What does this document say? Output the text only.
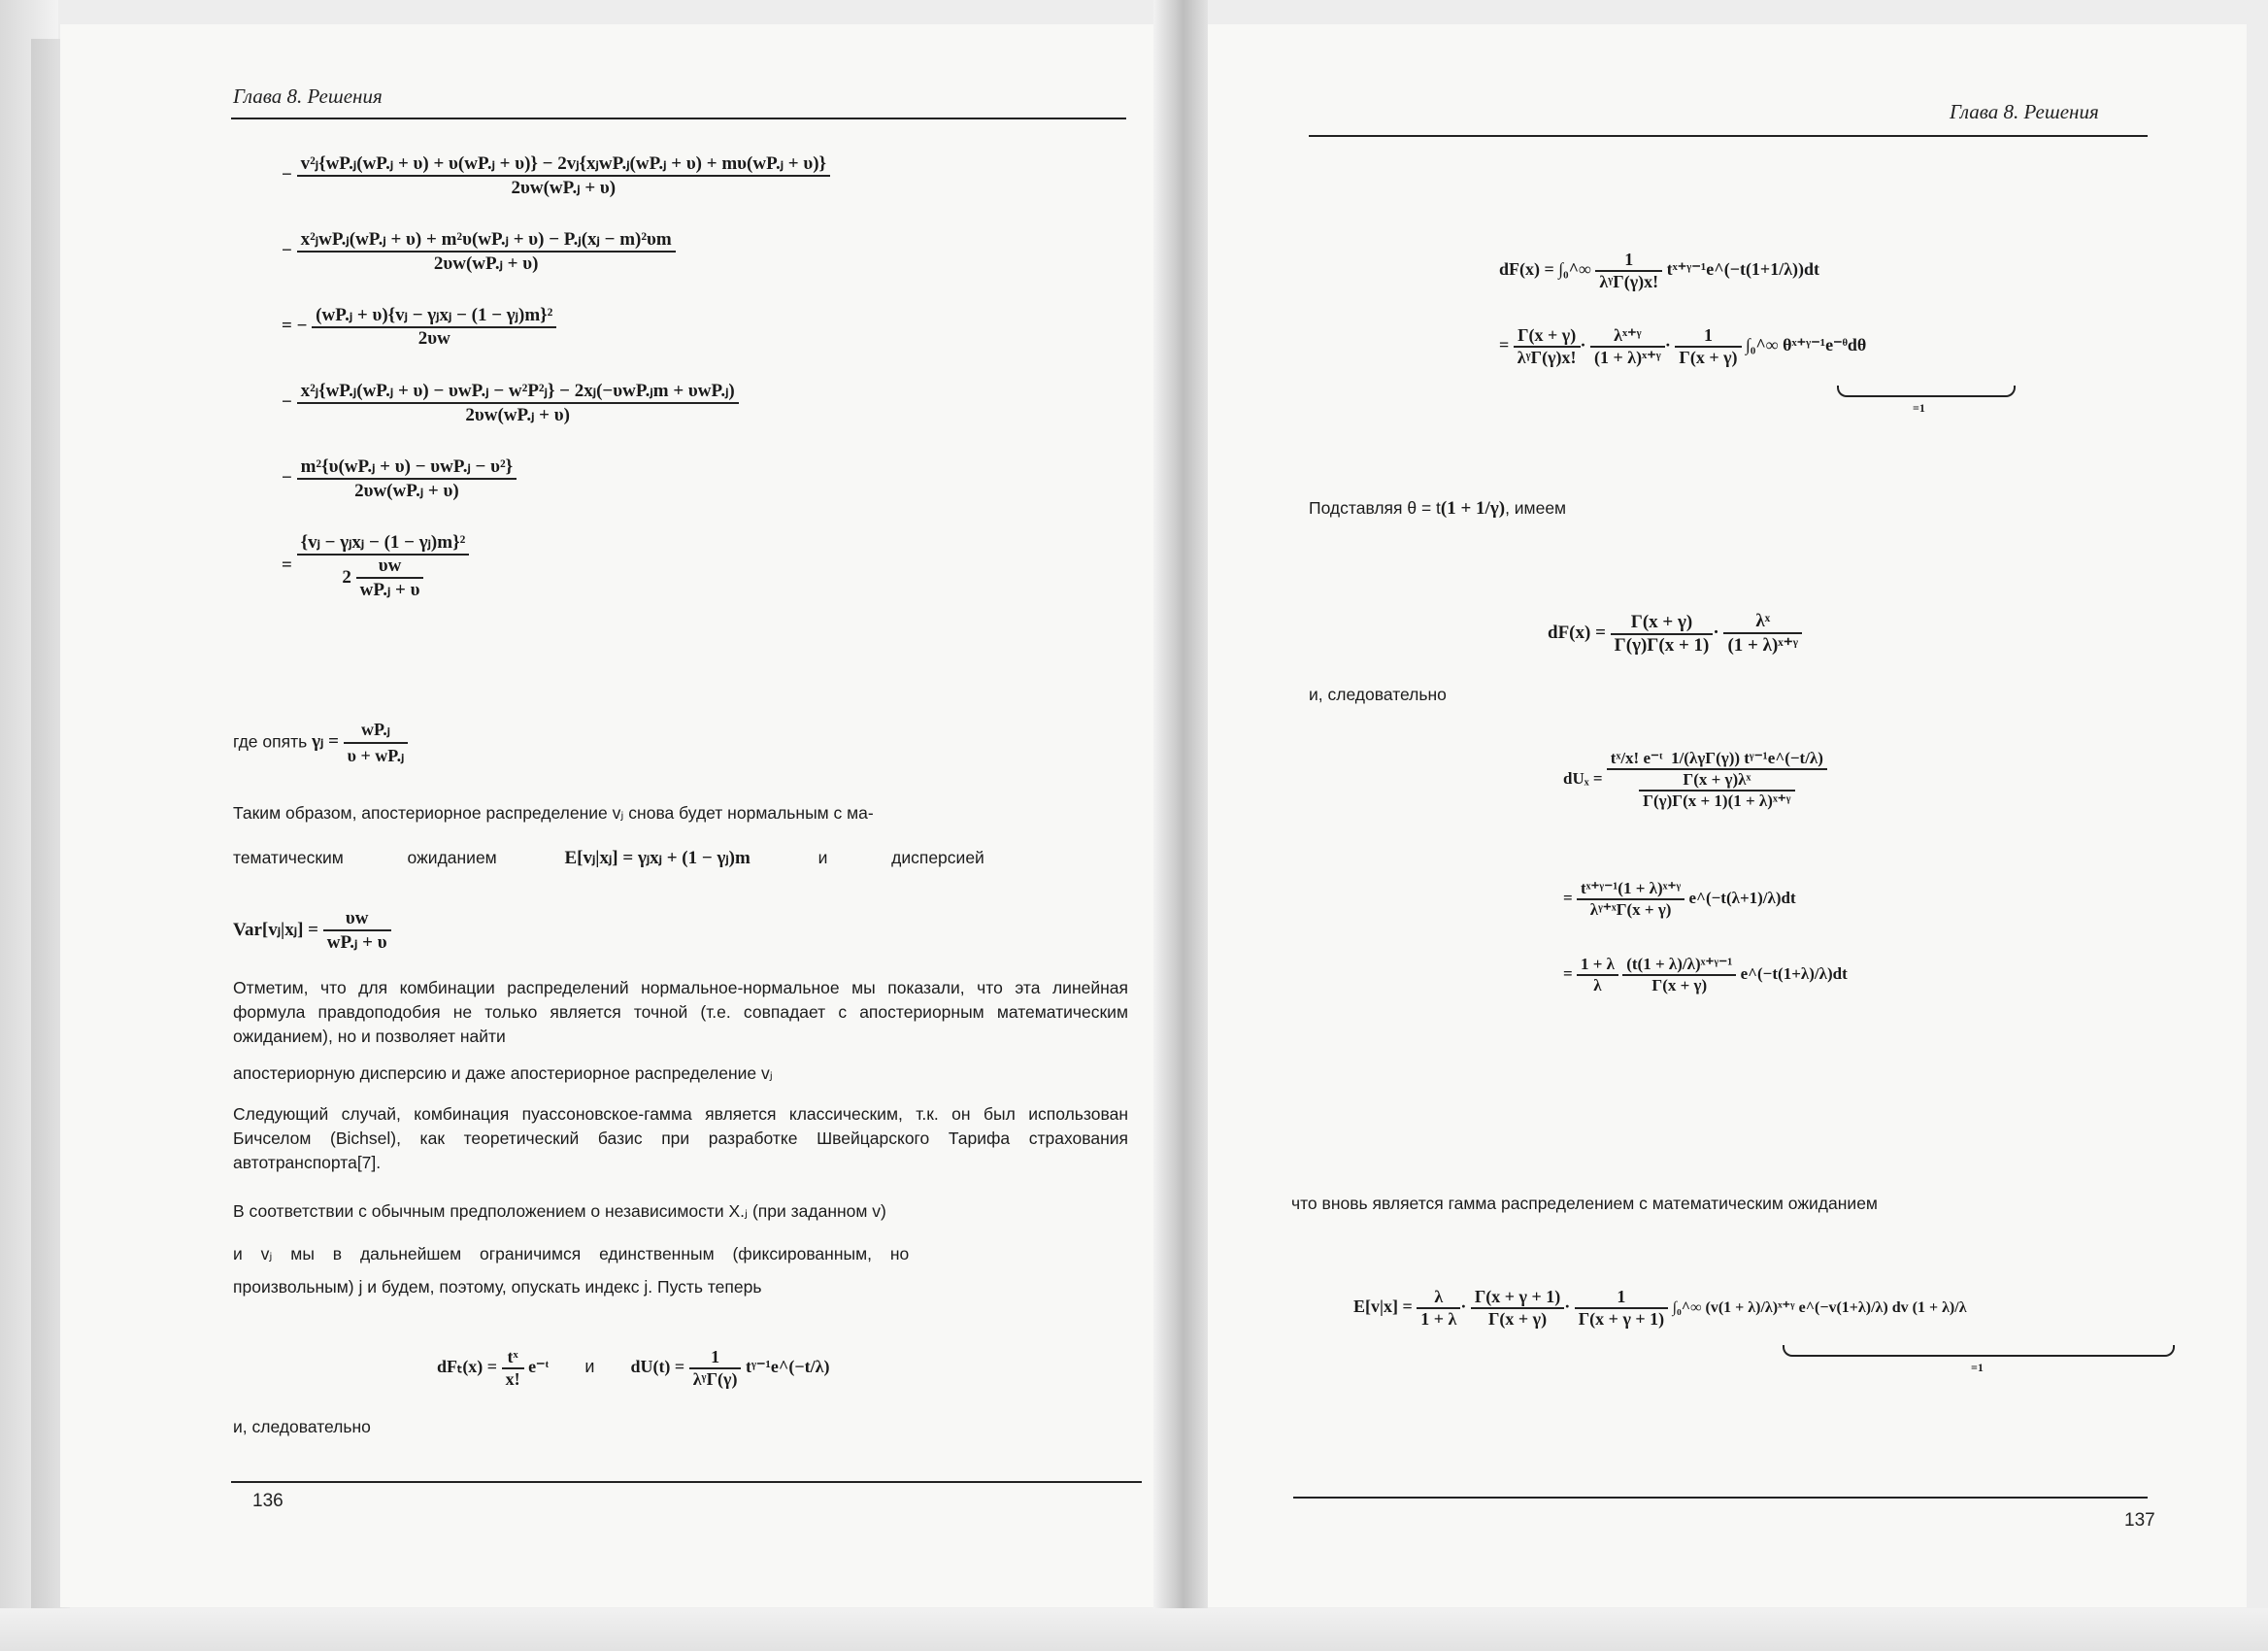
Глава 8. Решения
−
v²ⱼ{wP.ⱼ(wP.ⱼ + υ) + υ(wP.ⱼ + υ)} − 2vⱼ{xⱼwP.ⱼ(wP.ⱼ + υ) + mυ(wP.ⱼ + υ)}
2υw(wP.ⱼ + υ)
− $\frac{\text{x²ⱼwP.ⱼ(wP.ⱼ + υ) + m²υ(wP.ⱼ + υ) − P.ⱼ(xⱼ − m)²υm}}{\text{2υw(wP.ⱼ + υ)}}$
= − $\frac{\text{(wP.ⱼ + υ)\{vⱼ − γⱼxⱼ − (1 − γⱼ)m\}²}}{2\upsilon w}$
− $\frac{\text{x²ⱼ\{wP.ⱼ(wP.ⱼ + υ) − υwP.ⱼ − w²P²ⱼ\} − 2xⱼ(−υwP.ⱼm + υwP.ⱼ)}}{\text{2υw(wP.ⱼ + υ)}}$
− $\frac{\text{m²\{υ(wP.ⱼ + υ) − υwP.ⱼ − υ²\}}}{\text{2υw(wP.ⱼ + υ)}}$
= $\frac{\text{\{vⱼ − γⱼxⱼ − (1 − γⱼ)m\}²}}{2 \frac{\upsilon w}{\text{wP.ⱼ + υ}}}$
где опять γⱼ = $\frac{\text{wP.ⱼ}}{\text{υ + wP.ⱼ}}$
Таким образом, апостериорное распределение vⱼ снова будет нормальным с ма-
тематическим	ожиданием	E[vⱼ|xⱼ] = γⱼxⱼ + (1 − γⱼ)m	и	дисперсией
Var[vⱼ|xⱼ] = $\frac{\upsilon w}{\text{wP.ⱼ + υ}}$
Отметим, что для комбинации распределений нормальное-нормальное мы показали, что эта линейная формула правдоподобия не только является точной (т.е. совпадает с апостериорным математическим ожиданием), но и позволяет найти
апостериорную дисперсию и даже апостериорное распределение vⱼ
Следующий случай, комбинация пуассоновское-гамма является классическим, т.к. он был использован Бичселом (Bichsel), как теоретический базис при разработке Швейцарского Тарифа страхования автотранспорта[7].
В соответствии с обычным предположением о независимости X.ⱼ (при заданном v)
и vⱼ мы в дальнейшем ограничимся единственным (фиксированным, но
произвольным) j и будем, поэтому, опускать индекс j. Пусть теперь
$dF_t(x) = \frac{\text{tˣ}}{x!}$ e⁻ᵗ и $dU(t) = \frac{1}{\text{λᵞΓ(γ)}}$ tᵞ⁻¹e^(−t/λ)
и, следовательно
136
Глава 8. Решения
dF(x) = ∫₀^∞ $\frac{1}{\text{λᵞΓ(γ)x!}}$ tˣ⁺ᵞ⁻¹e^(−t(1+1/λ))dt
= $\frac{\Gamma(x + \gamma)}{\text{λᵞΓ(γ)x!}} \cdot \frac{\text{λˣ⁺ᵞ}}{\text{(1 + λ)ˣ⁺ᵞ}} \cdot \frac{1}{\Gamma(x + \gamma)}$ ∫₀^∞ θˣ⁺ᵞ⁻¹e⁻ᶿdθ
=1
Подставляя θ = t(1 + 1/γ), имеем
$dF(x) = \frac{\Gamma(x + \gamma)}{\Gamma(\gamma)\Gamma(x + 1)} \cdot \frac{\text{λˣ}}{\text{(1 + λ)ˣ⁺ᵞ}}$
и, следовательно
$dU_x = \frac{\text{tˣ/x! e⁻ᵗ 1/(λγΓ(γ)) tᵞ⁻¹e\textasciicircum{}(−t/λ)}}{\frac{\text{Γ(x + γ)λˣ}}{\text{Γ(γ)Γ(x + 1)(1 + λ)ˣ⁺ᵞ}}}$
= $\frac{\text{tˣ⁺ᵞ⁻¹(1 + λ)ˣ⁺ᵞ}}{\text{λᵞ⁺ˣΓ(x + γ)}}$ e^(−t(λ+1)/λ)dt
= $\frac{1 + \lambda}{\lambda}$
$\frac{\text{(t(1 + λ)/λ)ˣ⁺ᵞ⁻¹}}{\Gamma(x + \gamma)}$ e^(−t(1+λ)/λ)dt
что вновь является гамма распределением с математическим ожиданием
$E[v|x] = \frac{\lambda}{1 + \lambda} \cdot \frac{\Gamma(x + \gamma + 1)}{\Gamma(x + \gamma)} \cdot \frac{1}{\Gamma(x + \gamma + 1)}$ ∫₀^∞ (v(1 + λ)/λ)ˣ⁺ᵞ e^(−v(1+λ)/λ) dv (1 + λ)/λ
=1
137
